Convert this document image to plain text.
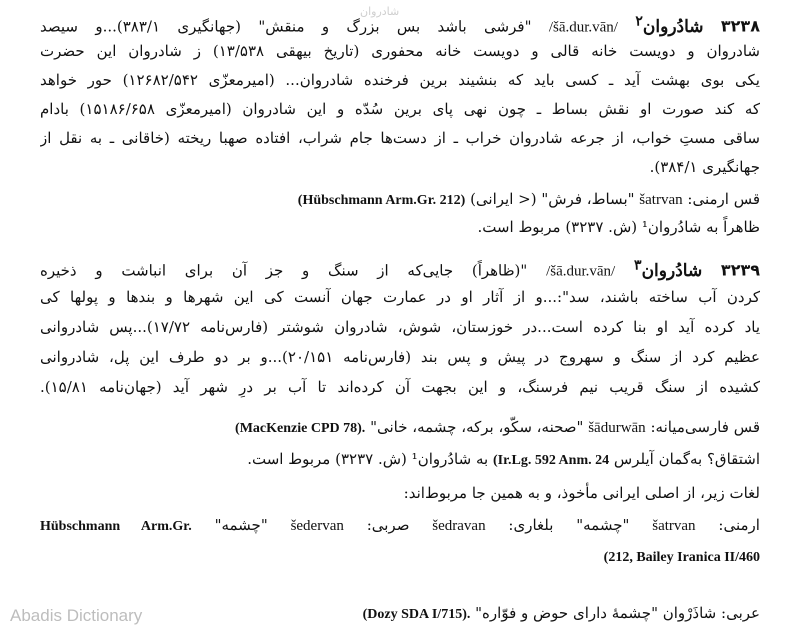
شادروان
۳۲۳۸ شادُروان$^۲$ /šā.dur.vān/ "فرشی باشد بس بزرگ و منقش" (جهانگیری ۳۸۳/۱)...و سیصد
شادروان و دویست خانه قالی و دویست خانه محفوری (تاریخ بیهقی ۱۳/۵۳۸) ز شادروان این حضرت
یکی بوی بهشت آید ـ کسی باید که بنشیند برین فرخنده شادروان... (امیرمعزّی ۱۲۶۸۲/۵۴۲) حور خواهد
که کند صورت او نقش بساط ـ چون نهی پای برین سُدّه و این شادروان (امیرمعزّی ۱۵۱۸۶/۶۵۸) بادام
ساقی مستِ خواب، از جرعه شادروان خراب ـ از دست‌ها جام شراب، افتاده صهبا ریخته (خاقانی ـ به نقل از
جهانگیری ۳۸۴/۱).
قس ارمنی: šatrvan "بساط، فرش" (< ایرانی) (Hübschmann Arm.Gr. 212)
ظاهراً به شادُروان¹ (ش. ۳۲۳۷) مربوط است.
۳۲۳۹ شادُروان$^۳$ /šā.dur.vān/ "(ظاهراً) جایی‌که از سنگ و جز آن برای انباشت و ذخیره
کردن آب ساخته باشند، سد":...و از آثار او در عمارت جهان آنست کی این شهرها و بندها و پولها کی
یاد کرده آید او بنا کرده است...در خوزستان، شوش، شادروان شوشتر (فارس‌نامه ۱۷/۷۲)...پس شادروانی
عظیم کرد از سنگ و سهروج در پیش و پس بند (فارس‌نامه ۲۰/۱۵۱)...و بر دو طرف این پل، شادروانی
کشیده از سنگ قریب نیم فرسنگ، و این بجهت آن کرده‌اند تا آب بر درِ شهر آید (جهان‌نامه ۱۵/۸۱).
قس فارسی‌میانه: šādurwān "صحنه، سکّو، برکه، چشمه، خانی" (MacKenzie CPD 78).
اشتقاق؟ به‌گمان آیلرس (Ir.Lg. 592 Anm. 24 به شادُروان¹ (ش. ۳۲۳۷) مربوط است.
لغات زیر، از اصلی ایرانی مأخوذ، و به همین جا مربوط‌اند:
ارمنی: šatrvan "چشمه" بلغاری: šedravan صربی: šedervan "چشمه" Hübschmann Arm.Gr.
(212, Bailey Iranica II/460
عربی: شاذَرْوان "چشمهٔ دارای حوض و فوّاره" (Dozy SDA I/715).
Abadis Dictionary
